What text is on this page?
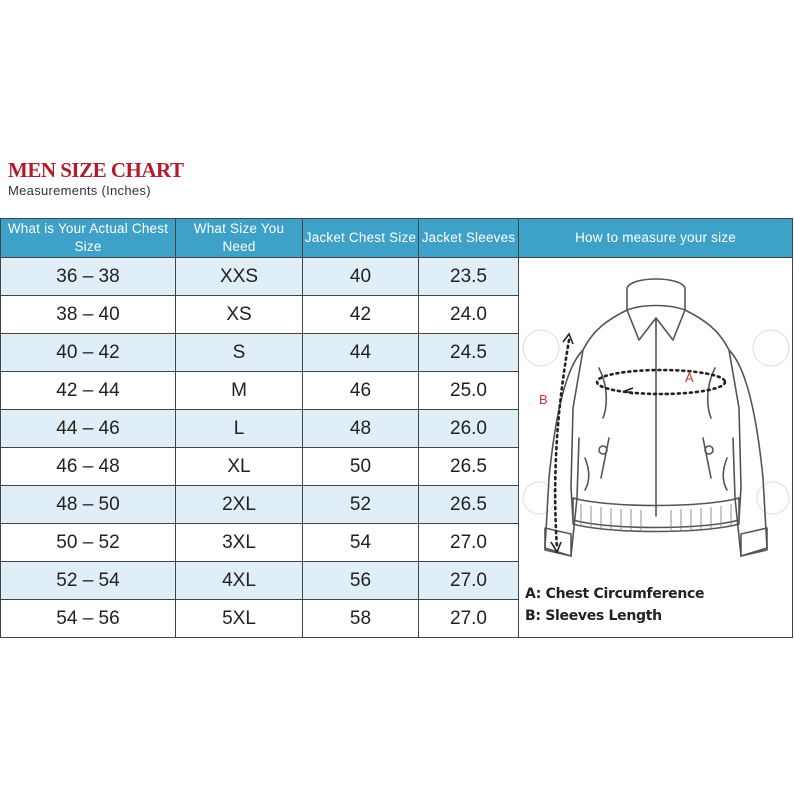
MEN SIZE CHART
Measurements (Inches)
What is Your Actual Chest Size	What Size You Need	Jacket Chest Size	Jacket Sleeves	How to measure your size
36 – 38	XXS	40	23.5	A
B
A: Chest Circumference
B: Sleeves Length

38 – 40	XS	42	24.0	
40 – 42	S	44	24.5	
42 – 44	M	46	25.0	
44 – 46	L	48	26.0	
46 – 48	XL	50	26.5	
48 – 50	2XL	52	26.5	
50 – 52	3XL	54	27.0	
52 – 54	4XL	56	27.0	
54 – 56	5XL	58	27.0	
